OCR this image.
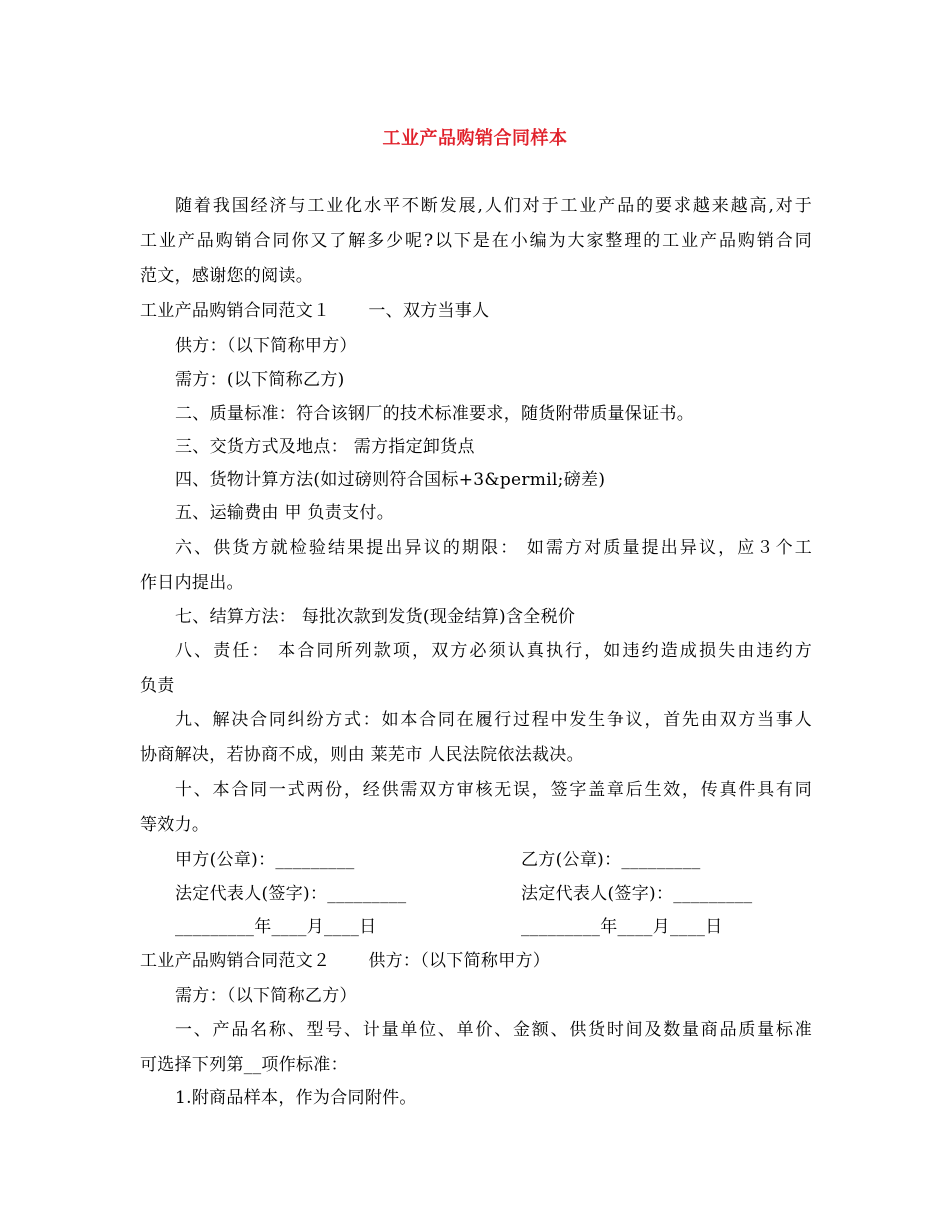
工业产品购销合同样本
随着我国经济与工业化水平不断发展,人们对于工业产品的要求越来越高,对于
工业产品购销合同你又了解多少呢?以下是在小编为大家整理的工业产品购销合同
范文，感谢您的阅读。
工业产品购销合同范文１ 一、双方当事人
供方：（以下简称甲方）
需方：(以下简称乙方)
二、质量标准：符合该钢厂的技术标准要求，随货附带质量保证书。
三、交货方式及地点： 需方指定卸货点
四、货物计算方法(如过磅则符合国标+3&permil;磅差)
五、运输费由 甲 负责支付。
六、供货方就检验结果提出异议的期限： 如需方对质量提出异议，应３个工
作日内提出。
七、结算方法： 每批次款到发货(现金结算)含全税价
八、责任： 本合同所列款项，双方必须认真执行，如违约造成损失由违约方
负责
九、解决合同纠纷方式：如本合同在履行过程中发生争议，首先由双方当事人
协商解决，若协商不成，则由 莱芜市 人民法院依法裁决。
十、本合同一式两份，经供需双方审核无误，签字盖章后生效，传真件具有同
等效力。
甲方(公章)：_________	乙方(公章)：_________
法定代表人(签字)：_________	法定代表人(签字)：_________
_________年____月____日	_________年____月____日
工业产品购销合同范文２ 供方：（以下简称甲方）
需方：（以下简称乙方）
一、产品名称、型号、计量单位、单价、金额、供货时间及数量商品质量标准
可选择下列第__项作标准：
1.附商品样本，作为合同附件。
